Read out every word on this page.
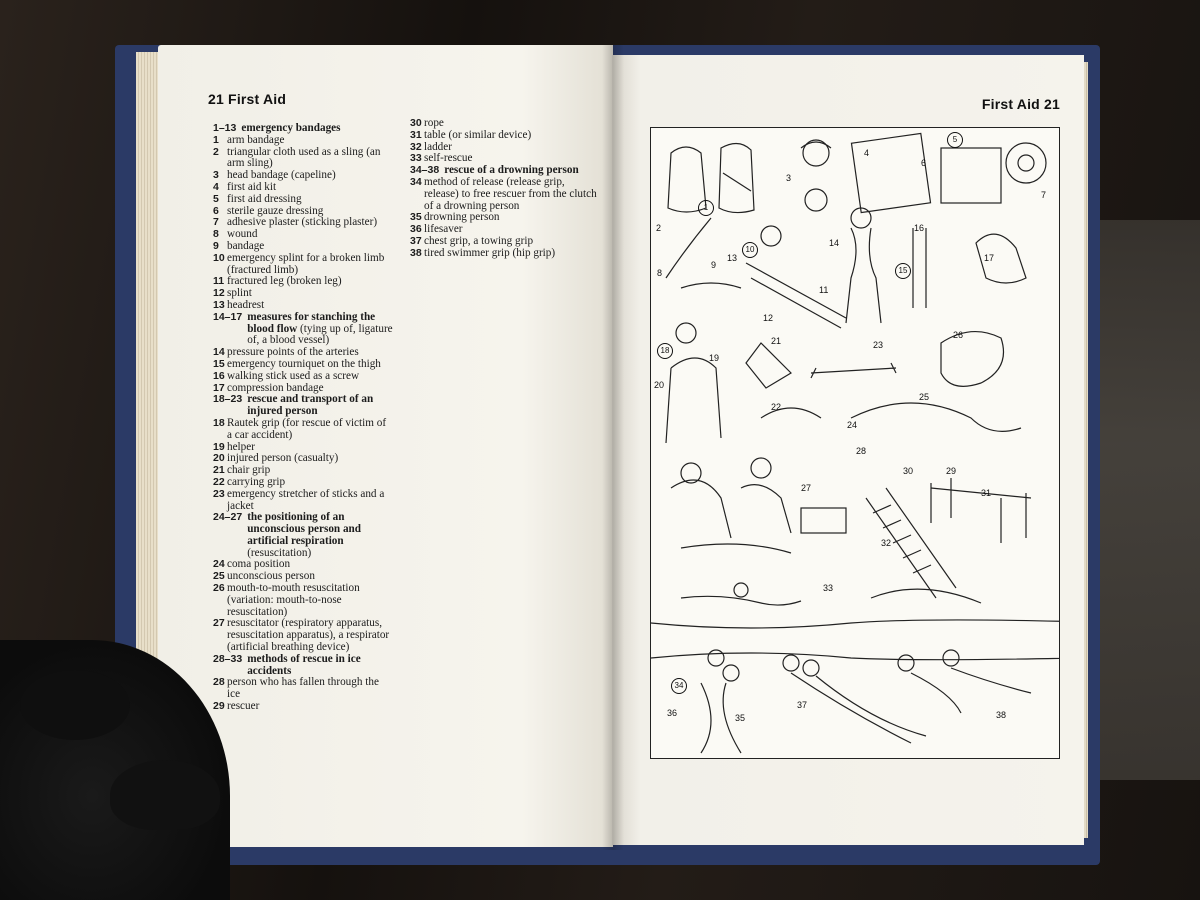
21 First Aid
1–13 emergency bandages
1 arm bandage
2 triangular cloth used as a sling (an arm sling)
3 head bandage (capeline)
4 first aid kit
5 first aid dressing
6 sterile gauze dressing
7 adhesive plaster (sticking plaster)
8 wound
9 bandage
10 emergency splint for a broken limb (fractured limb)
11 fractured leg (broken leg)
12 splint
13 headrest
14–17 measures for stanching the blood flow (tying up of, ligature of, a blood vessel)
14 pressure points of the arteries
15 emergency tourniquet on the thigh
16 walking stick used as a screw
17 compression bandage
18–23 rescue and transport of an injured person
18 Rautek grip (for rescue of victim of a car accident)
19 helper
20 injured person (casualty)
21 chair grip
22 carrying grip
23 emergency stretcher of sticks and a jacket
24–27 the positioning of an unconscious person and artificial respiration (resuscitation)
24 coma position
25 unconscious person
26 mouth-to-mouth resuscitation (variation: mouth-to-nose resuscitation)
27 resuscitator (respiratory apparatus, resuscitation apparatus), a respirator (artificial breathing device)
28–33 methods of rescue in ice accidents
28 person who has fallen through the ice
29 rescuer
30 rope
31 table (or similar device)
32 ladder
33 self-rescue
34–38 rescue of a drowning person
34 method of release (release grip, release) to free rescuer from the clutch of a drowning person
35 drowning person
36 lifesaver
37 chest grip, a towing grip
38 tired swimmer grip (hip grip)
First Aid 21
1
5
10
15
18
34
2
3
4
6
7
8
9
11
12
13
14
16
17
19
20
21
22
23
24
25
26
27
28
29
30
31
32
33
35
36
37
38
